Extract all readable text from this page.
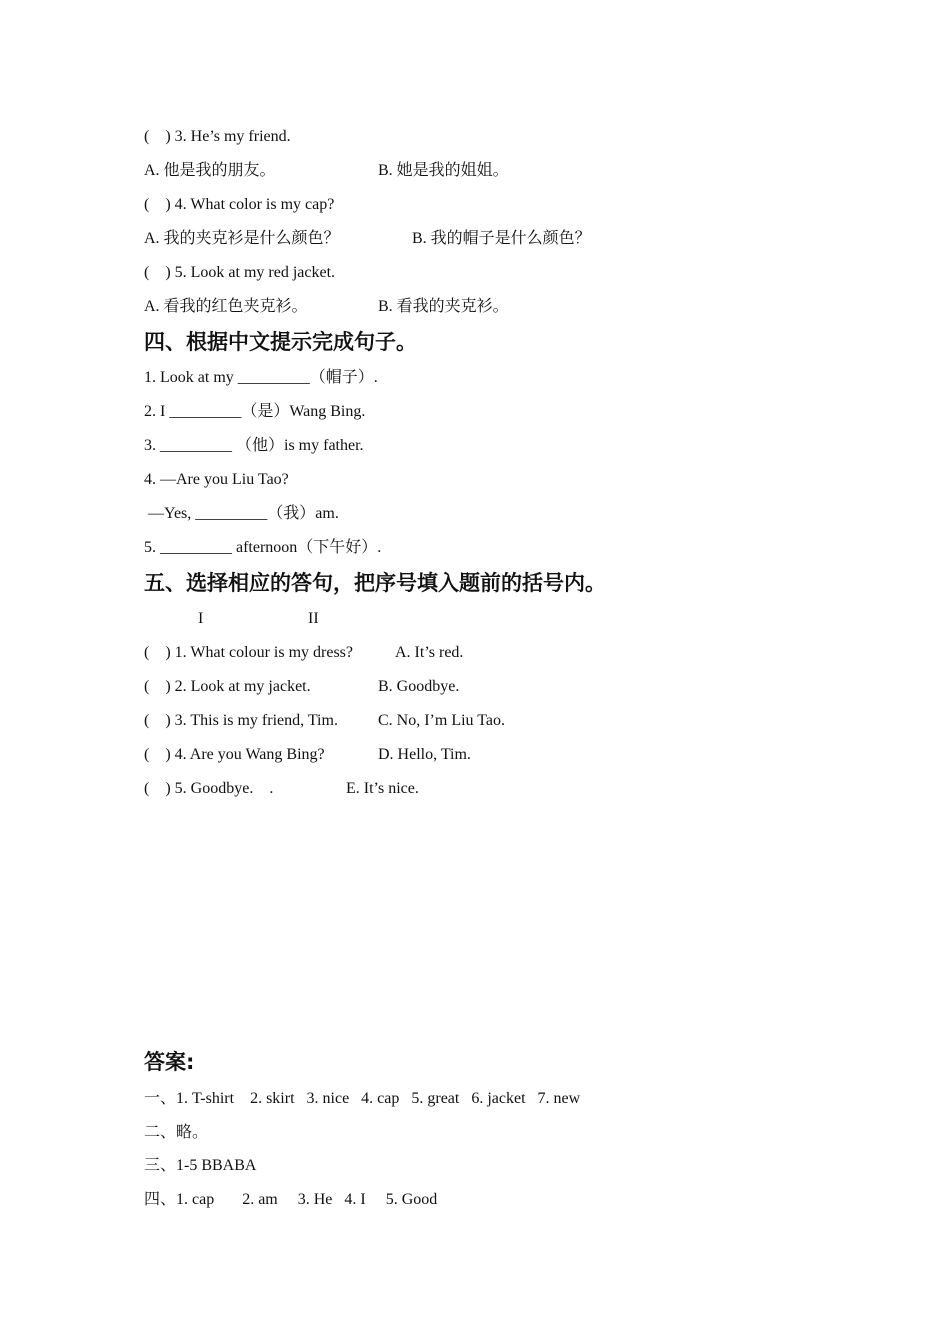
(    ) 3. He’s my friend.
A. 他是我的朋友。	B. 她是我的姐姐。
(    ) 4. What color is my cap?
A. 我的夹克衫是什么颜色？	B. 我的帽子是什么颜色？
(    ) 5. Look at my red jacket.
A. 看我的红色夹克衫。	B. 看我的夹克衫。
四、根据中文提示完成句子。
1. Look at my _________（帽子）.
2. I _________（是）Wang Bing.
3. _________ （他）is my father.
4. —Are you Liu Tao?
—Yes, _________（我）am.
5. _________ afternoon（下午好）.
五、选择相应的答句，把序号填入题前的括号内。
I	II
(    ) 1. What colour is my dress?	A. It’s red.
(    ) 2. Look at my jacket.	B. Goodbye.
(    ) 3. This is my friend, Tim.	C. No, I’m Liu Tao.
(    ) 4. Are you Wang Bing?	D. Hello, Tim.
(    ) 5. Goodbye.    .	E. It’s nice.
答案:
一、1. T-shirt    2. skirt   3. nice   4. cap   5. great   6. jacket   7. new
二、略。
三、1-5 BBABA
四、1. cap       2. am     3. He   4. I     5. Good
